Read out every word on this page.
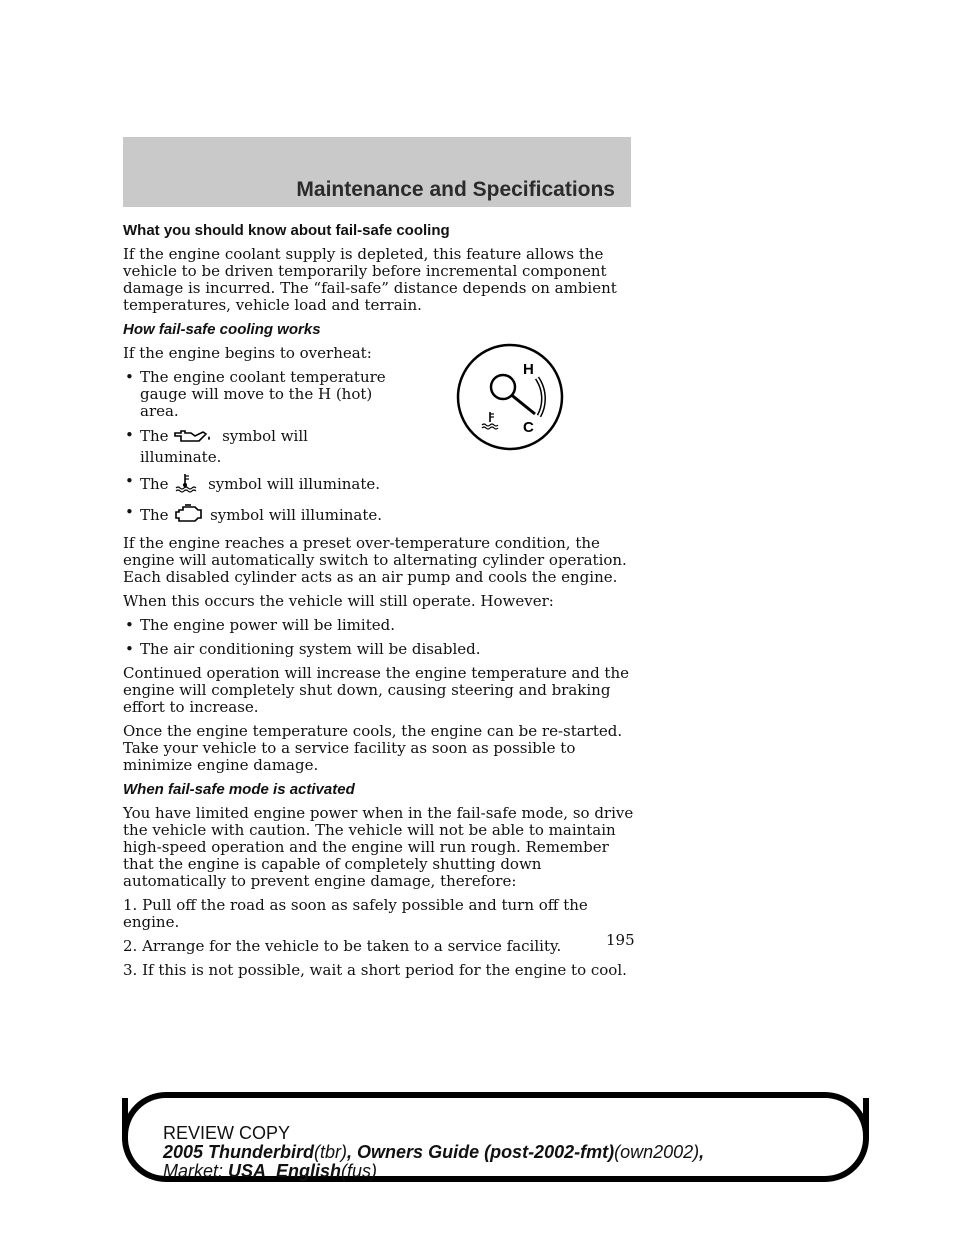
Maintenance and Specifications
What you should know about fail-safe cooling

If the engine coolant supply is depleted, this feature allows the vehicle to be driven temporarily before incremental component damage is incurred. The “fail-safe” distance depends on ambient temperatures, vehicle load and terrain.

How fail-safe cooling works

If the engine begins to overheat:

• The engine coolant temperature gauge will move to the H (hot) area.
• The	symbol will illuminate.
• The	symbol will illuminate.
• The	symbol will illuminate.

If the engine reaches a preset over-temperature condition, the engine will automatically switch to alternating cylinder operation. Each disabled cylinder acts as an air pump and cools the engine.

When this occurs the vehicle will still operate. However:

• The engine power will be limited.
• The air conditioning system will be disabled.

Continued operation will increase the engine temperature and the engine will completely shut down, causing steering and braking effort to increase.

Once the engine temperature cools, the engine can be re-started. Take your vehicle to a service facility as soon as possible to minimize engine damage.

When fail-safe mode is activated

You have limited engine power when in the fail-safe mode, so drive the vehicle with caution. The vehicle will not be able to maintain high-speed operation and the engine will run rough. Remember that the engine is capable of completely shutting down automatically to prevent engine damage, therefore:

1. Pull off the road as soon as safely possible and turn off the engine.

2. Arrange for the vehicle to be taken to a service facility.

3. If this is not possible, wait a short period for the engine to cool.

H
C
195
REVIEW COPY
2005 Thunderbird(tbr), Owners Guide (post-2002-fmt)(own2002),
Market: USA_English(fus)
